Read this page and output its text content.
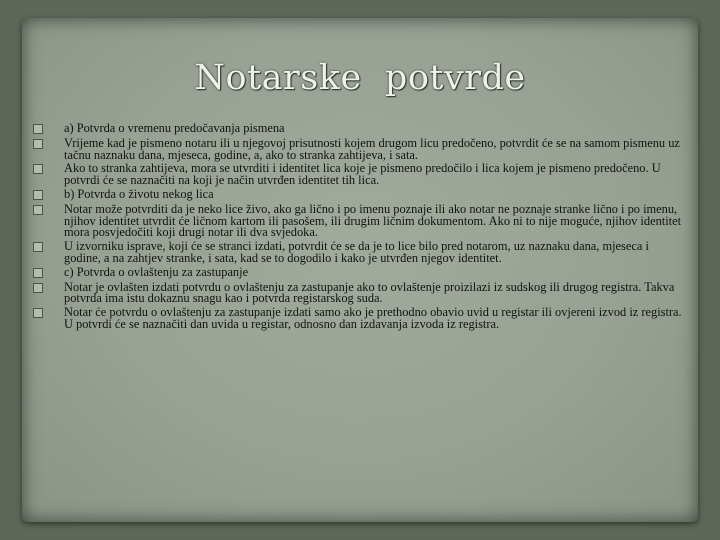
Notarske  potvrde
a) Potvrda o vremenu predočavanja pismena
Vrijeme kad je pismeno notaru ili u njegovoj prisutnosti kojem drugom licu predočeno, potvrdit će se na samom pismenu uz tačnu naznaku dana, mjeseca, godine, a, ako to stranka zahtijeva, i sata.
Ako to stranka zahtijeva, mora se utvrditi i identitet lica koje je pismeno predočilo i lica kojem je pismeno predočeno. U potvrdi će se naznačiti na koji je način utvrđen identitet tih lica.
b) Potvrda o životu nekog lica
Notar može potvrditi da je neko lice živo, ako ga lično i po imenu poznaje ili ako notar ne poznaje stranke lično i po imenu, njihov identitet utvrdit će ličnom kartom ili pasošem, ili drugim ličnim dokumentom. Ako ni to nije moguće, njihov identitet mora posvjedočiti koji drugi notar ili dva svjedoka.
U izvorniku isprave, koji će se stranci izdati, potvrdit će se da je to lice bilo pred notarom, uz naznaku dana, mjeseca i godine, a na zahtjev stranke, i sata, kad se to dogodilo i kako je utvrđen njegov identitet.
c) Potvrda o ovlaštenju za zastupanje
Notar je ovlašten izdati potvrdu o ovlaštenju za zastupanje ako to ovlaštenje proizilazi iz sudskog ili drugog registra. Takva potvrda ima istu dokaznu snagu kao i potvrda registarskog suda.
Notar će potvrdu o ovlaštenju za zastupanje izdati samo ako je prethodno obavio uvid u registar ili ovjereni izvod iz registra. U potvrdi će se naznačiti dan uvida u registar, odnosno dan izdavanja izvoda iz registra.
